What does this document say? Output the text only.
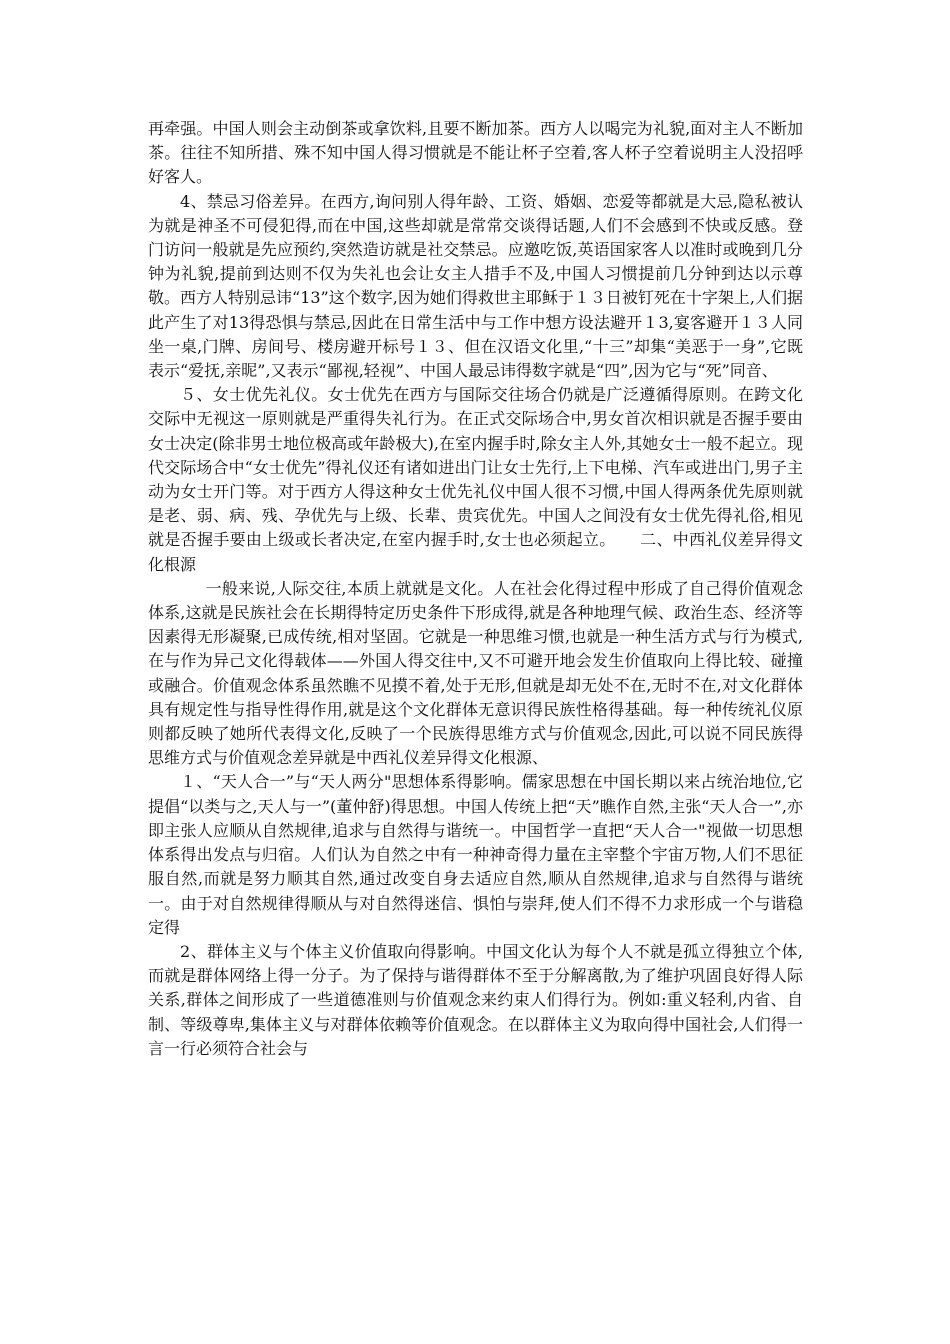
再牵强。中国人则会主动倒茶或拿饮料,且要不断加茶。西方人以喝完为礼貌,面对主人不断加茶。往往不知所措、殊不知中国人得习惯就是不能让杯子空着,客人杯子空着说明主人没招呼好客人。

4、禁忌习俗差异。在西方,询问别人得年龄、工资、婚姻、恋爱等都就是大忌,隐私被认为就是神圣不可侵犯得,而在中国,这些却就是常常交谈得话题,人们不会感到不快或反感。登门访问一般就是先应预约,突然造访就是社交禁忌。应邀吃饭,英语国家客人以准时或晚到几分钟为礼貌,提前到达则不仅为失礼也会让女主人措手不及,中国人习惯提前几分钟到达以示尊敬。西方人特别忌讳“13”这个数字,因为她们得救世主耶稣于１３日被钉死在十字架上,人们据此产生了对13得恐惧与禁忌,因此在日常生活中与工作中想方设法避开１3,宴客避开１３人同坐一桌,门牌、房间号、楼房避开标号１３、但在汉语文化里,“十三”却集“美恶于一身”,它既表示“爱抚,亲昵”,又表示“鄙视,轻视”、中国人最忌讳得数字就是“四”,因为它与“死”同音、

５、女士优先礼仪。女士优先在西方与国际交往场合仍就是广泛遵循得原则。在跨文化交际中无视这一原则就是严重得失礼行为。在正式交际场合中,男女首次相识就是否握手要由女士决定(除非男士地位极高或年龄极大),在室内握手时,除女主人外,其她女士一般不起立。现代交际场合中“女士优先”得礼仪还有诸如进出门让女士先行,上下电梯、汽车或进出门,男子主动为女士开门等。对于西方人得这种女士优先礼仪中国人很不习惯,中国人得两条优先原则就是老、弱、病、残、孕优先与上级、长辈、贵宾优先。中国人之间没有女士优先得礼俗,相见就是否握手要由上级或长者决定,在室内握手时,女士也必须起立。　　二、中西礼仪差异得文化根源

一般来说,人际交往,本质上就就是文化。人在社会化得过程中形成了自己得价值观念体系,这就是民族社会在长期得特定历史条件下形成得,就是各种地理气候、政治生态、经济等因素得无形凝聚,已成传统,相对坚固。它就是一种思维习惯,也就是一种生活方式与行为模式,在与作为异己文化得载体——外国人得交往中,又不可避开地会发生价值取向上得比较、碰撞或融合。价值观念体系虽然瞧不见摸不着,处于无形,但就是却无处不在,无时不在,对文化群体具有规定性与指导性得作用,就是这个文化群体无意识得民族性格得基础。每一种传统礼仪原则都反映了她所代表得文化,反映了一个民族得思维方式与价值观念,因此,可以说不同民族得思维方式与价值观念差异就是中西礼仪差异得文化根源、

１、“天人合一”与“天人两分"思想体系得影响。儒家思想在中国长期以来占统治地位,它提倡“以类与之,天人与一”(董仲舒)得思想。中国人传统上把“天”瞧作自然,主张“天人合一”,亦即主张人应顺从自然规律,追求与自然得与谐统一。中国哲学一直把“天人合一"视做一切思想体系得出发点与归宿。人们认为自然之中有一种神奇得力量在主宰整个宇宙万物,人们不思征服自然,而就是努力顺其自然,通过改变自身去适应自然,顺从自然规律,追求与自然得与谐统一。由于对自然规律得顺从与对自然得迷信、惧怕与崇拜,使人们不得不力求形成一个与谐稳定得

2、群体主义与个体主义价值取向得影响。中国文化认为每个人不就是孤立得独立个体,而就是群体网络上得一分子。为了保持与谐得群体不至于分解离散,为了维护巩固良好得人际关系,群体之间形成了一些道德准则与价值观念来约束人们得行为。例如:重义轻利,内省、自制、等级尊卑,集体主义与对群体依赖等价值观念。在以群体主义为取向得中国社会,人们得一言一行必须符合社会与
